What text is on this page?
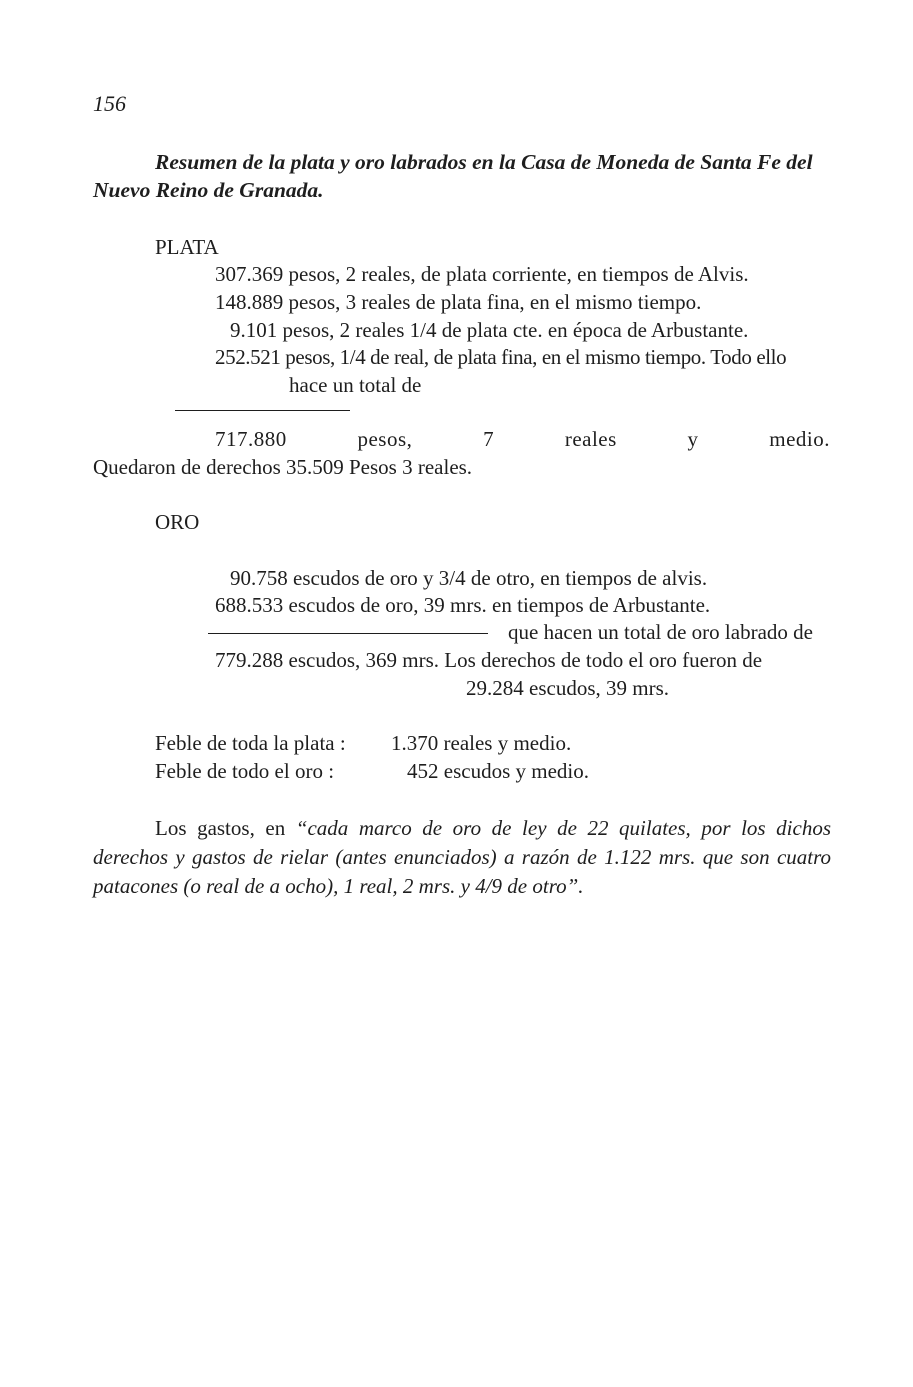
156
Resumen de la plata y oro labrados en la Casa de Moneda de Santa Fe del Nuevo Reino de Granada.
PLATA
307.369 pesos, 2 reales, de plata corriente, en tiempos de Alvis.
148.889 pesos, 3 reales de plata fina, en el mismo tiempo.
9.101 pesos, 2 reales 1/4 de plata cte. en época de Arbustante.
252.521 pesos, 1/4 de real, de plata fina, en el mismo tiempo. Todo ello
hace un total de
717.880	pesos,	7	reales	y	medio.
Quedaron de derechos 35.509 Pesos 3 reales.
ORO
90.758 escudos de oro y 3/4 de otro, en tiempos de alvis.
688.533 escudos de oro, 39 mrs. en tiempos de Arbustante.
que hacen un total de oro labrado de
779.288 escudos, 369 mrs. Los derechos de todo el oro fueron de
29.284 escudos, 39 mrs.
Feble de toda la plata : 1.370 reales y medio.
Feble de todo el oro :	452 escudos y medio.
Los gastos, en “cada marco de oro de ley de 22 quilates, por los dichos derechos y gastos de rielar (antes enunciados) a razón de 1.122 mrs. que son cuatro patacones (o real de a ocho), 1 real, 2 mrs. y 4/9 de otro”.
